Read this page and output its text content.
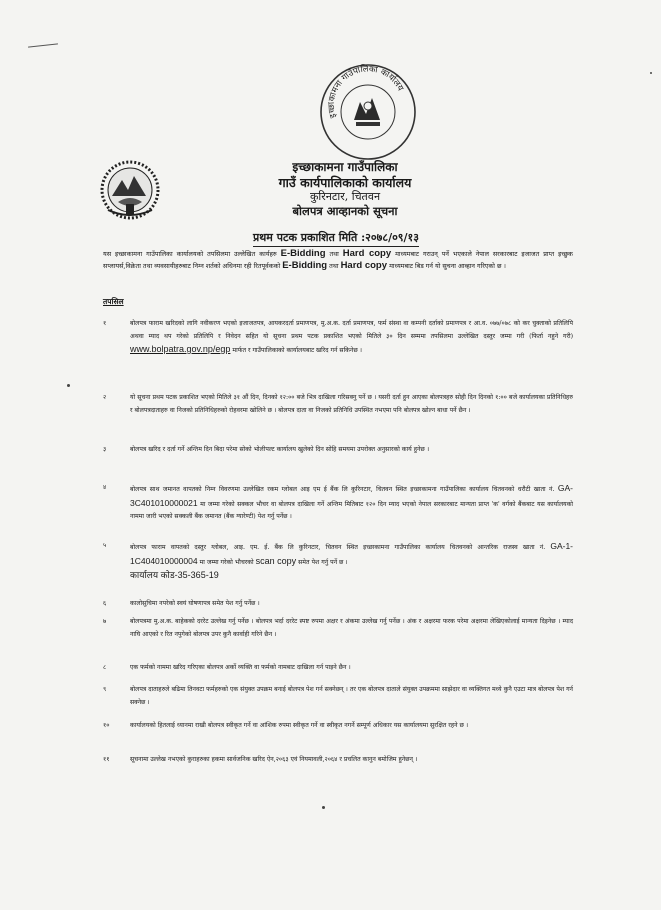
इच्छाकामना गाउँपालिका कार्यालय
इच्छाकामना गाउँपालिका
गाउँ कार्यपालिकाको कार्यालय
कुरिनटार, चितवन
बोलपत्र आव्हानको सूचना
प्रथम पटक प्रकाशित मिति :२०७८/०९/१३
यस इच्छाकामना गाउँपालिका कार्यालयको तपसिलमा उल्लेखित कार्यहरु E-Bidding तथा Hard copy माध्यमबाट गराउन् पर्ने भएकाले नेपाल सरकारबाट इजाजत प्राप्त इच्छुक सप्लायर्स,विक्रेता तथा व्यवसायीहरुबाट निम्न शर्तको अधिनमा रही रितपूर्वकको E-Bidding तथा Hard copy माध्यमबाट बिड गर्न यो सुचना आव्हान गरिएको छ ।
तपसिल
१	बोलपत्र फाराम खरिदको लागि नवीकरण भएको इजाजतपत्र, आयकरदर्ता प्रमाणपत्र, मु.अ.क. दर्ता प्रमाणपत्र, फर्म संस्था वा कम्पनी दर्ताको प्रमाणपत्र र आ.व. ०७७/०७८ को कर चुक्ताको प्रतिलिपि अथवा म्याद थप गरेको प्रतिलिपि र निवेदन सहित यो सूचना प्रथम पटक प्रकाशित भएको मितिले ३० दिन सम्ममा तपसिलमा उल्लेखित दस्तुर जम्मा गरी (फिर्ता नहुने गरी) www.bolpatra.gov.np/egp मार्फत र गाउँपालिकाको कार्यालयबाट खरिद गर्न सकिनेछ ।
२	यो सूचना प्रथम पटक प्रकाशित भएको मितिले ३१ औं दिन, दिनको १२:०० बजे भित्र दाखिला गरिसक्नु पर्ने छ । यसरी दर्ता हुन आएका बोलपत्रहरु सोही दिन दिनको १:०० बजे कार्यालयका प्रतिनिधिहरु र बोलपत्रदाताहरु वा निजको प्रतिनिधिहरुको रोहवरमा खोलिने छ । बोलपत्र दाता वा निजको प्रतिनिधि उपस्थित नभएमा पनि बोलपत्र खोल्न बाधा पर्ने छैन ।
३	बोलपत्र खरिद र दर्ता गर्ने अन्तिम दिन बिदा परेमा सोको भोलीपल्ट कार्यालय खुलेको दिन सोहि समयमा उपरोक्त अनुसारको कार्य हुनेछ ।
४	बोलपत्र साथ जमानत वापतको निम्न विवरणमा उल्लेखित रकम ग्लोबल आइ एम ई बैंक लि कुरिनटार, चितवन स्थित इच्छाकामना गाउँपालिका कार्यालय चितवनको धरौटी खाता नं. GA-3C401010000021 मा जम्मा गरेको सक्कल भौचर वा बोलपत्र दाखिला गर्ने अन्तिम मितिबाट १२० दिन म्याद भएको नेपाल सरकारबाट मान्यता प्राप्त 'क' वर्गको बैंकबाट यस कार्यालयको नाममा जारी भएको सक्कली बैंक जमानत (बैंक ग्यारेण्टी) पेश गर्नु पर्नेछ ।
५	बोलपत्र फाराम वापतको दस्तुर ग्लोबल, आइ. एम. ई. बैंक लि कुरिनटार, चितवन स्थित इच्छाकामना गाउँपालिका कार्यालय चितवनको आन्तरिक राजस्व खाता नं. GA-1-1C404010000004 मा जम्मा गरेको भौचरको scan copy समेत पेश गर्नु पर्ने छ ।
कार्यालय कोड-35-365-19
६	कालोसुचिमा नपरेको स्वयं घोषणापत्र समेत पेश गर्नु पर्नेछ ।
७	बोलपत्रमा मु.अ.क. बाहेकको दररेट उल्लेख गर्नु पर्नेछ । बोलपत्र भर्दा दररेट स्पष्ट रुपमा अक्षर र अंकमा उल्लेख गर्नु पर्नेछ । अंक र अक्षरमा फरक परेमा अक्षरमा लेखिएकोलाई मान्यता दिइनेछ । म्याद नाघि आएको र रित नपुगेको बोलपत्र उपर कुनै कार्वाही गरिने छैन ।
८	एक फर्मको नाममा खरिद गरिएका बोलपत्र अर्को व्यक्ति वा फर्मको नामबाट दाखिला गर्न पाइने छैन ।
९	बोलपत्र दाताहरुले बढिमा तिनवटा फर्महरुको एक संयुक्त उपक्रम बनाई बोलपत्र पेश गर्न सक्नेछन् । तर एक बोलपत्र दाताले संयुक्त उपक्रममा साझेदार वा व्यक्तिगत मध्ये कुनै एउटा मात्र बोलपत्र पेश गर्न सक्नेछ ।
१०	कार्यालयको हितलाई ध्यानमा राखी बोलपत्र स्वीकृत गर्ने वा आंशिक रुपमा स्वीकृत गर्ने वा स्वीकृत नगर्ने सम्पूर्ण अधिकार यस कार्यालयमा सुरक्षित रहने छ ।
११	सूचनामा उल्लेख नभएको कुराहरुका हकमा सार्वजनिक खरिद ऐन,२०६३ एवं नियमावली,२०६४ र प्रचलित कानुन बमोजिम हुनेछन् ।
